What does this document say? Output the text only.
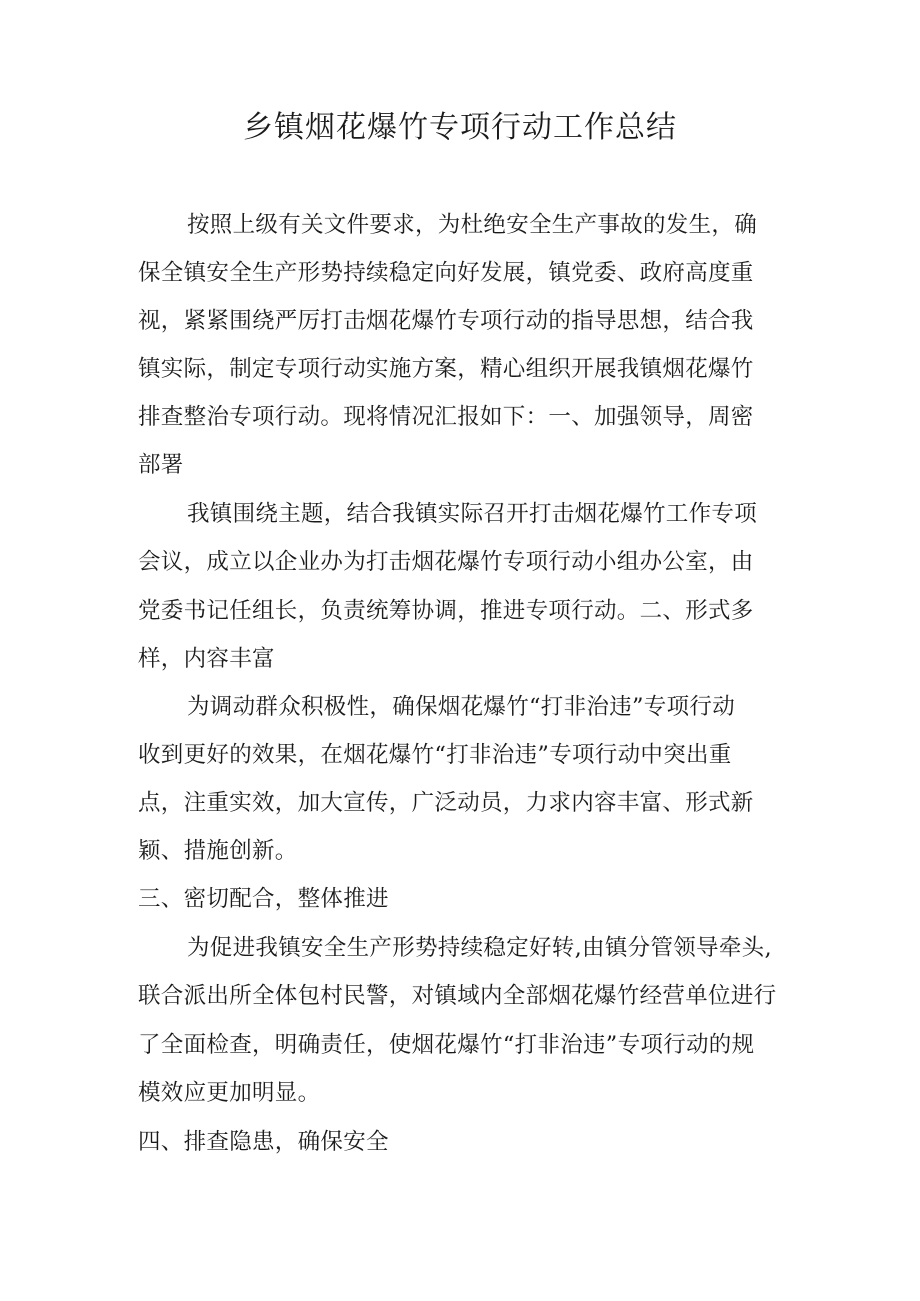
乡镇烟花爆竹专项行动工作总结
按照上级有关文件要求，为杜绝安全生产事故的发生，确
保全镇安全生产形势持续稳定向好发展，镇党委、政府高度重
视，紧紧围绕严厉打击烟花爆竹专项行动的指导思想，结合我
镇实际，制定专项行动实施方案，精心组织开展我镇烟花爆竹
排查整治专项行动。现将情况汇报如下：一、加强领导，周密
部署
我镇围绕主题，结合我镇实际召开打击烟花爆竹工作专项
会议，成立以企业办为打击烟花爆竹专项行动小组办公室，由
党委书记任组长，负责统筹协调，推进专项行动。二、形式多
样，内容丰富
为调动群众积极性，确保烟花爆竹“打非治违”专项行动
收到更好的效果，在烟花爆竹“打非治违”专项行动中突出重
点，注重实效，加大宣传，广泛动员，力求内容丰富、形式新
颖、措施创新。
三、密切配合，整体推进
为促进我镇安全生产形势持续稳定好转,由镇分管领导牵头,
联合派出所全体包村民警，对镇域内全部烟花爆竹经营单位进行
了全面检查，明确责任，使烟花爆竹“打非治违”专项行动的规
模效应更加明显。
四、排查隐患，确保安全
